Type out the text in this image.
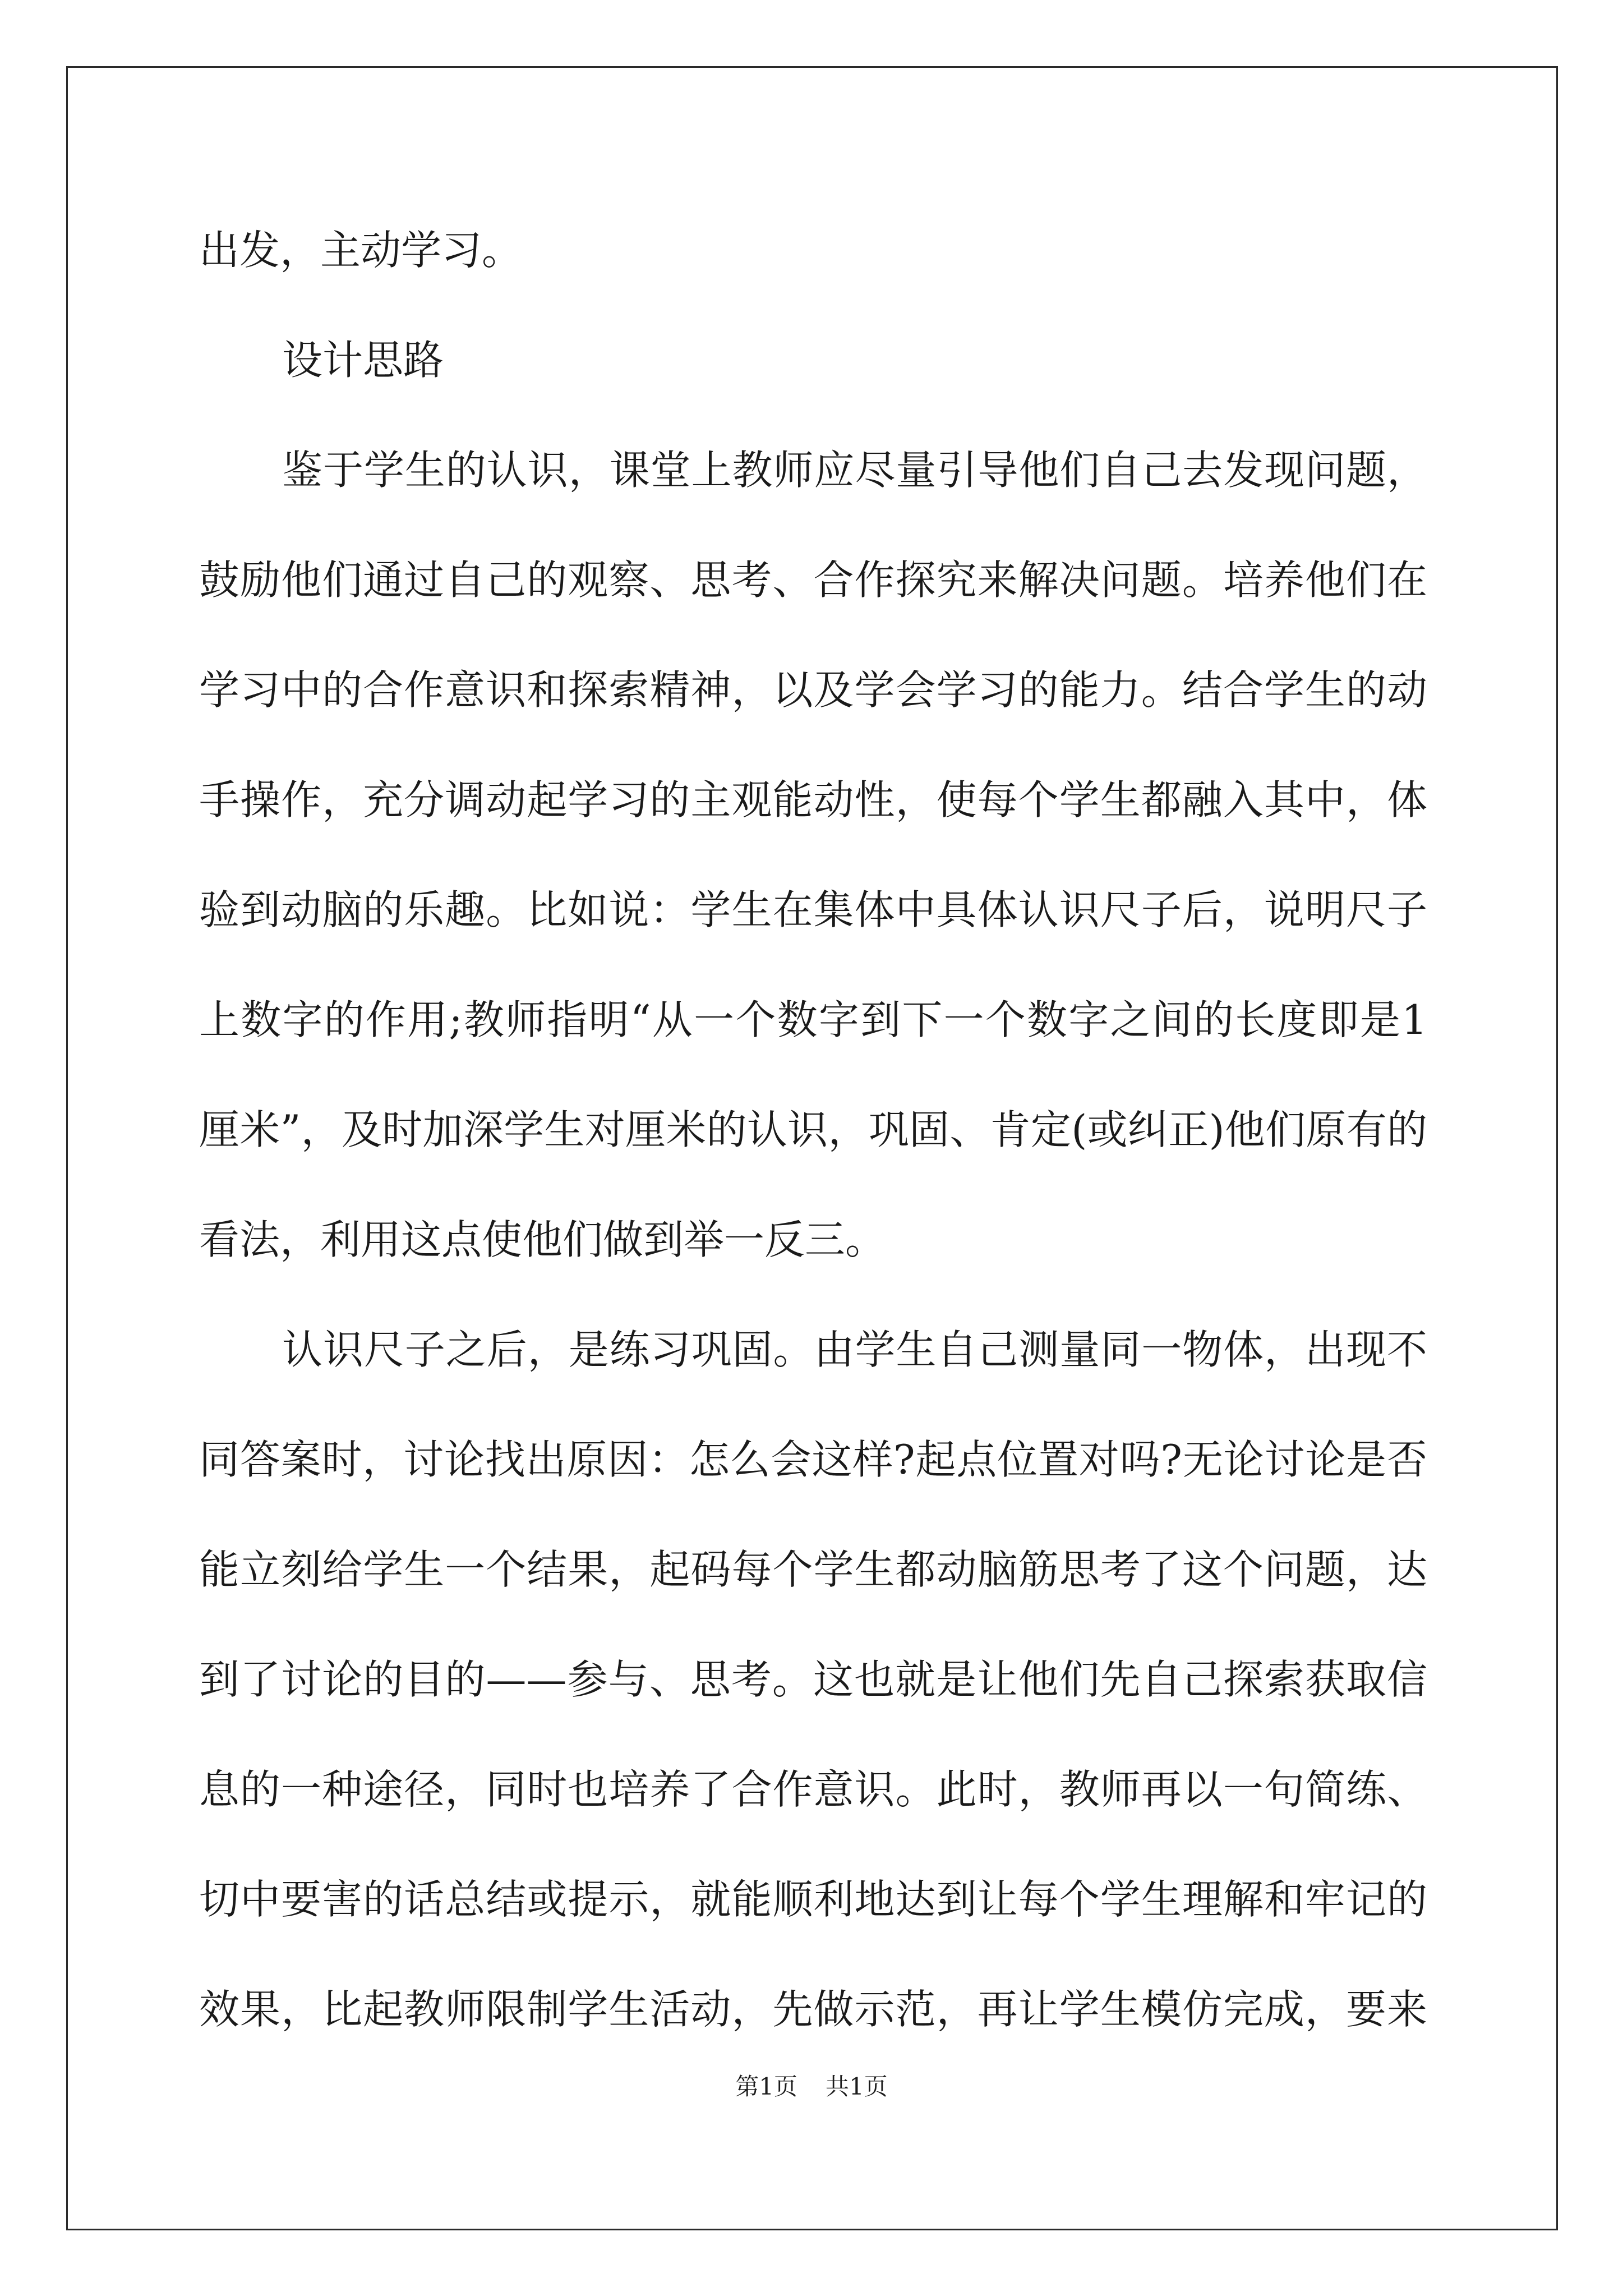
出发，主动学习。
设计思路
鉴于学生的认识，课堂上教师应尽量引导他们自己去发现问题，
鼓励他们通过自己的观察、思考、合作探究来解决问题。培养他们在
学习中的合作意识和探索精神，以及学会学习的能力。结合学生的动
手操作，充分调动起学习的主观能动性，使每个学生都融入其中，体
验到动脑的乐趣。比如说：学生在集体中具体认识尺子后，说明尺子
上数字的作用;教师指明“从一个数字到下一个数字之间的长度即是1
厘米”，及时加深学生对厘米的认识，巩固、肯定(或纠正)他们原有的
看法，利用这点使他们做到举一反三。
认识尺子之后，是练习巩固。由学生自己测量同一物体，出现不
同答案时，讨论找出原因：怎么会这样?起点位置对吗?无论讨论是否
能立刻给学生一个结果，起码每个学生都动脑筋思考了这个问题，达
到了讨论的目的——参与、思考。这也就是让他们先自己探索获取信
息的一种途径，同时也培养了合作意识。此时，教师再以一句简练、
切中要害的话总结或提示，就能顺利地达到让每个学生理解和牢记的
效果，比起教师限制学生活动，先做示范，再让学生模仿完成，要来
第1页 共1页
